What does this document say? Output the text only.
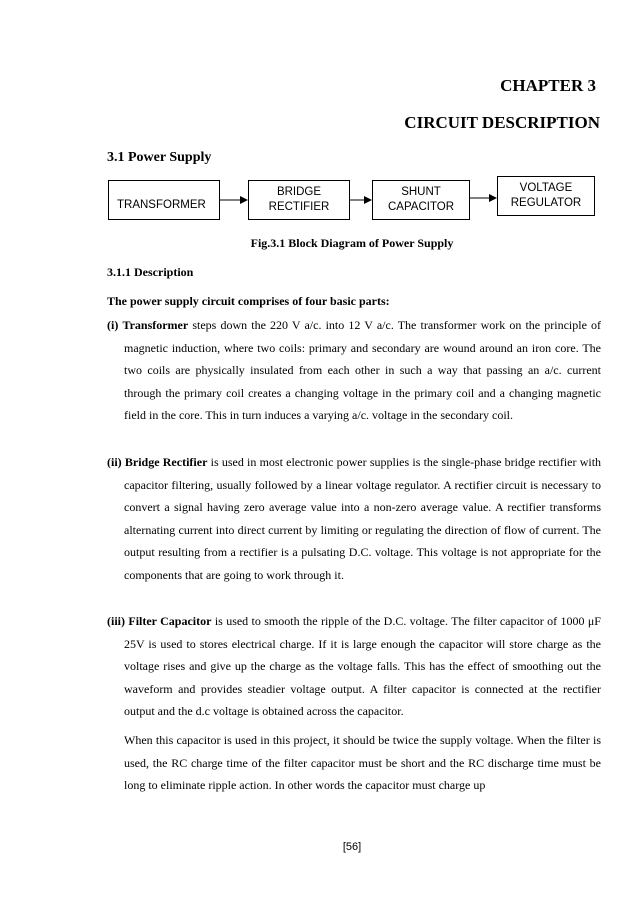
CHAPTER 3
CIRCUIT DESCRIPTION
3.1 Power Supply
TRANSFORMER
BRIDGE
RECTIFIER
SHUNT
CAPACITOR
VOLTAGE
REGULATOR
Fig.3.1 Block Diagram of Power Supply
3.1.1 Description
The power supply circuit comprises of four basic parts:
(i) Transformer steps down the 220 V a/c. into 12 V a/c. The transformer work on the principle of magnetic induction, where two coils: primary and secondary are wound around an iron core. The two coils are physically insulated from each other in such a way that passing an a/c. current through the primary coil creates a changing voltage in the primary coil and a changing magnetic field in the core. This in turn induces a varying a/c. voltage in the secondary coil.
(ii) Bridge Rectifier is used in most electronic power supplies is the single-phase bridge rectifier with capacitor filtering, usually followed by a linear voltage regulator. A rectifier circuit is necessary to convert a signal having zero average value into a non-zero average value. A rectifier transforms alternating current into direct current by limiting or regulating the direction of flow of current. The output resulting from a rectifier is a pulsating D.C. voltage. This voltage is not appropriate for the components that are going to work through it.
(iii) Filter Capacitor is used to smooth the ripple of the D.C. voltage. The filter capacitor of 1000 μF 25V is used to stores electrical charge. If it is large enough the capacitor will store charge as the voltage rises and give up the charge as the voltage falls. This has the effect of smoothing out the waveform and provides steadier voltage output. A filter capacitor is connected at the rectifier output and the d.c voltage is obtained across the capacitor.
When this capacitor is used in this project, it should be twice the supply voltage. When the filter is used, the RC charge time of the filter capacitor must be short and the RC discharge time must be long to eliminate ripple action. In other words the capacitor must charge up
[56]
